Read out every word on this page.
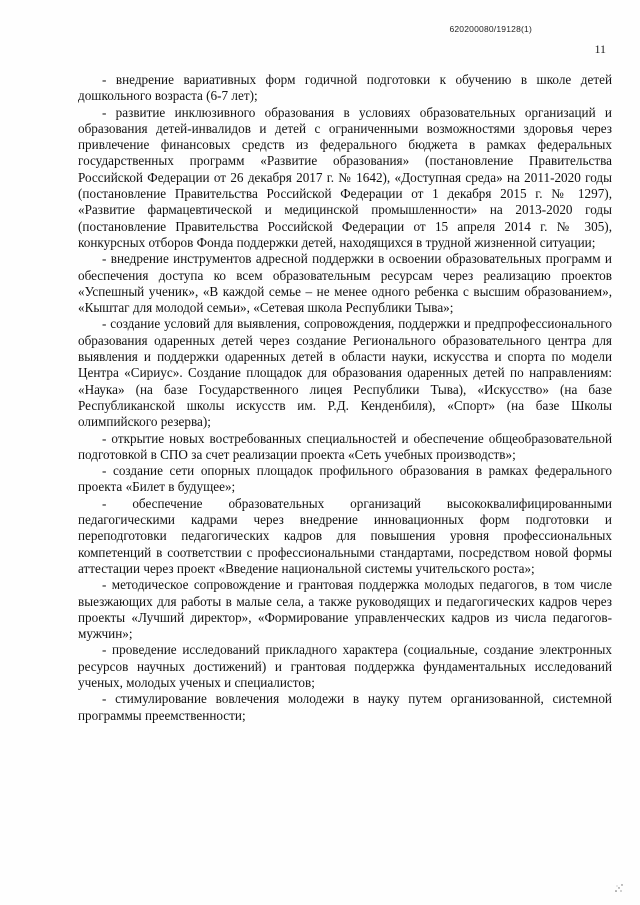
620200080/19128(1)
11

- внедрение вариативных форм годичной подготовки к обучению в школе детей дошкольного возраста (6-7 лет);

- развитие инклюзивного образования в условиях образовательных организаций и образования детей-инвалидов и детей с ограниченными возможностями здоровья через привлечение финансовых средств из федерального бюджета в рамках федеральных государственных программ «Развитие образования» (постановление Правительства Российской Федерации от 26 декабря 2017 г. № 1642), «Доступная среда» на 2011-2020 годы (постановление Правительства Российской Федерации от 1 декабря 2015 г. № 1297), «Развитие фармацевтической и медицинской промышленности» на 2013-2020 годы (постановление Правительства Российской Федерации от 15 апреля 2014 г. № 305), конкурсных отборов Фонда поддержки детей, находящихся в трудной жизненной ситуации;

- внедрение инструментов адресной поддержки в освоении образовательных программ и обеспечения доступа ко всем образовательным ресурсам через реализацию проектов «Успешный ученик», «В каждой семье – не менее одного ребенка с высшим образованием», «Кыштаг для молодой семьи», «Сетевая школа Республики Тыва»;

- создание условий для выявления, сопровождения, поддержки и предпрофессионального образования одаренных детей через создание Регионального образовательного центра для выявления и поддержки одаренных детей в области науки, искусства и спорта по модели Центра «Сириус». Создание площадок для образования одаренных детей по направлениям: «Наука» (на базе Государственного лицея Республики Тыва), «Искусство» (на базе Республиканской школы искусств им. Р.Д. Кенденбиля), «Спорт» (на базе Школы олимпийского резерва);

- открытие новых востребованных специальностей и обеспечение общеобразовательной подготовкой в СПО за счет реализации проекта «Сеть учебных производств»;

- создание сети опорных площадок профильного образования в рамках федерального проекта «Билет в будущее»;

- обеспечение образовательных организаций высококвалифицированными педагогическими кадрами через внедрение инновационных форм подготовки и переподготовки педагогических кадров для повышения уровня профессиональных компетенций в соответствии с профессиональными стандартами, посредством новой формы аттестации через проект «Введение национальной системы учительского роста»;

- методическое сопровождение и грантовая поддержка молодых педагогов, в том числе выезжающих для работы в малые села, а также руководящих и педагогических кадров через проекты «Лучший директор», «Формирование управленческих кадров из числа педагогов-мужчин»;

- проведение исследований прикладного характера (социальные, создание электронных ресурсов научных достижений) и грантовая поддержка фундаментальных исследований ученых, молодых ученых и специалистов;

- стимулирование вовлечения молодежи в науку путем организованной, системной программы преемственности;
